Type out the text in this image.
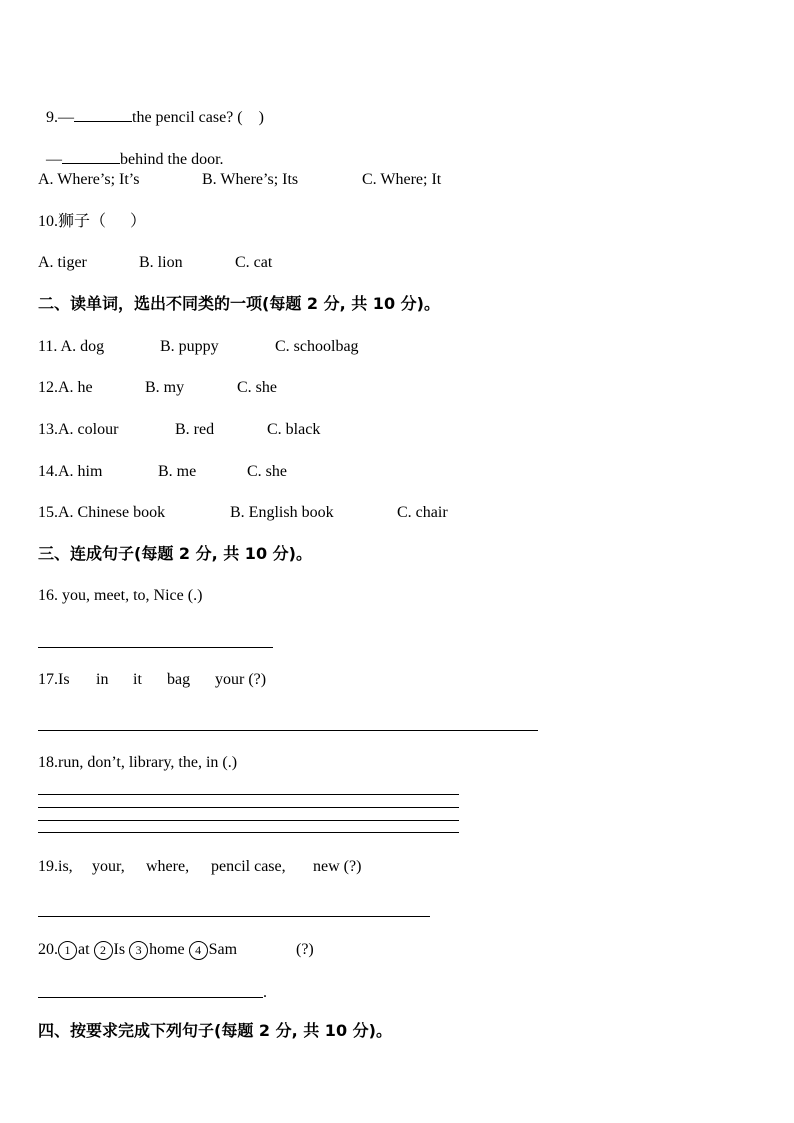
9.—	the pencil case? (    )

—	behind the door.

A. Where’s; It’s	B. Where’s; Its	C. Where; It
10.狮子（      ）
A. tiger	B. lion	C. cat
二、读单词，选出不同类的一项(每题 2 分, 共 10 分)。
11. A. dog	B. puppy	C. schoolbag
12.A. he	B. my	C. she
13.A. colour	B. red	C. black
14.A. him	B. me	C. she
15.A. Chinese book	B. English book	C. chair
三、连成句子(每题 2 分, 共 10 分)。
16. you, meet, to, Nice (.)
17.Is in it bag your (?)
18.run, don’t, library, the, in (.)
19.is, your, where, pencil case, new (?)
20. 1 at 2 Is 3 home 4 Sam	(?)
.
四、按要求完成下列句子(每题 2 分, 共 10 分)。
